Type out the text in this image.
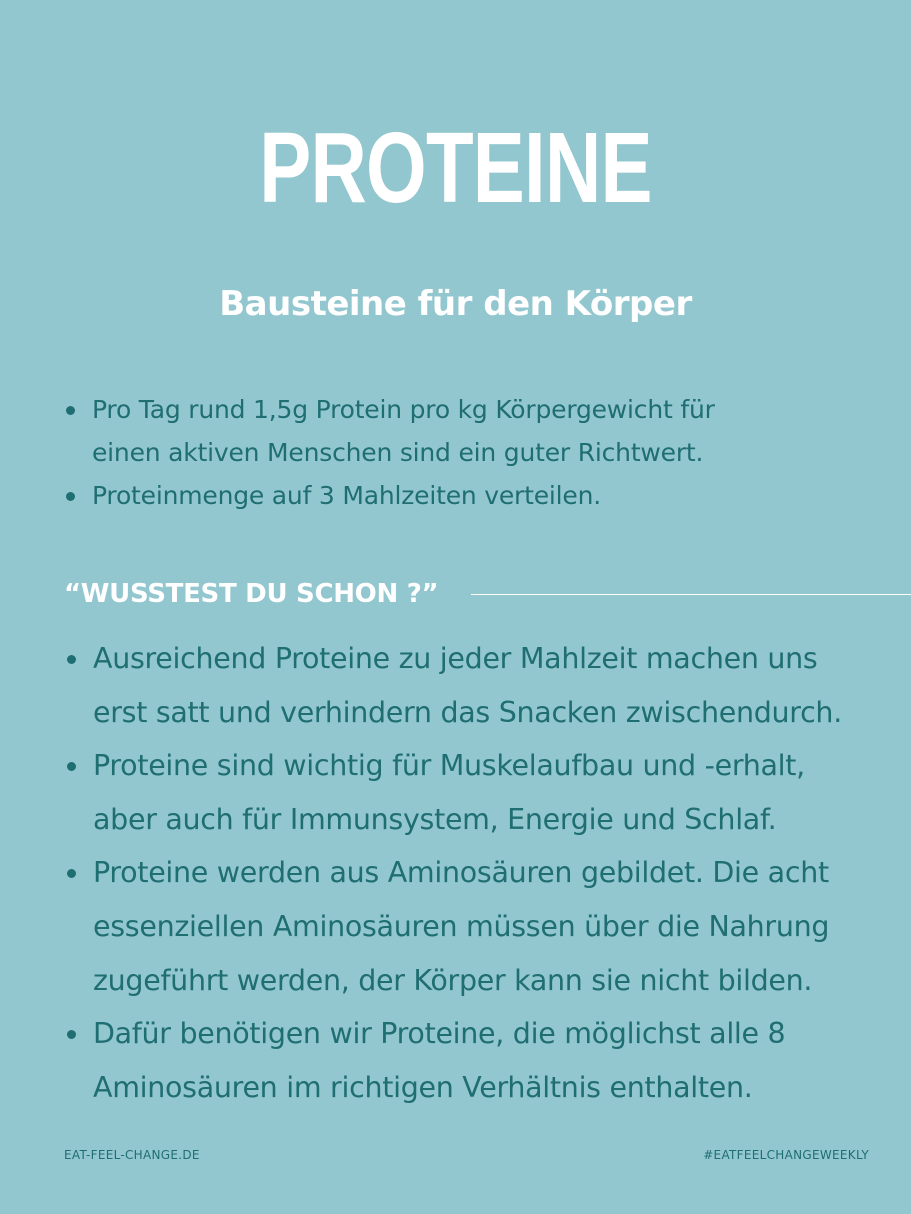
PROTEINE
Bausteine für den Körper
Pro Tag rund 1,5g Protein pro kg Körpergewicht für
einen aktiven Menschen sind ein guter Richtwert.
Proteinmenge auf 3 Mahlzeiten verteilen.
“WUSSTEST DU SCHON ?”
Ausreichend Proteine zu jeder Mahlzeit machen uns
erst satt und verhindern das Snacken zwischendurch.
Proteine sind wichtig für Muskelaufbau und -erhalt,
aber auch für Immunsystem, Energie und Schlaf.
Proteine werden aus Aminosäuren gebildet. Die acht
essenziellen Aminosäuren müssen über die Nahrung
zugeführt werden, der Körper kann sie nicht bilden.
Dafür benötigen wir Proteine, die möglichst alle 8
Aminosäuren im richtigen Verhältnis enthalten.
EAT-FEEL-CHANGE.DE	#EATFEELCHANGEWEEKLY
